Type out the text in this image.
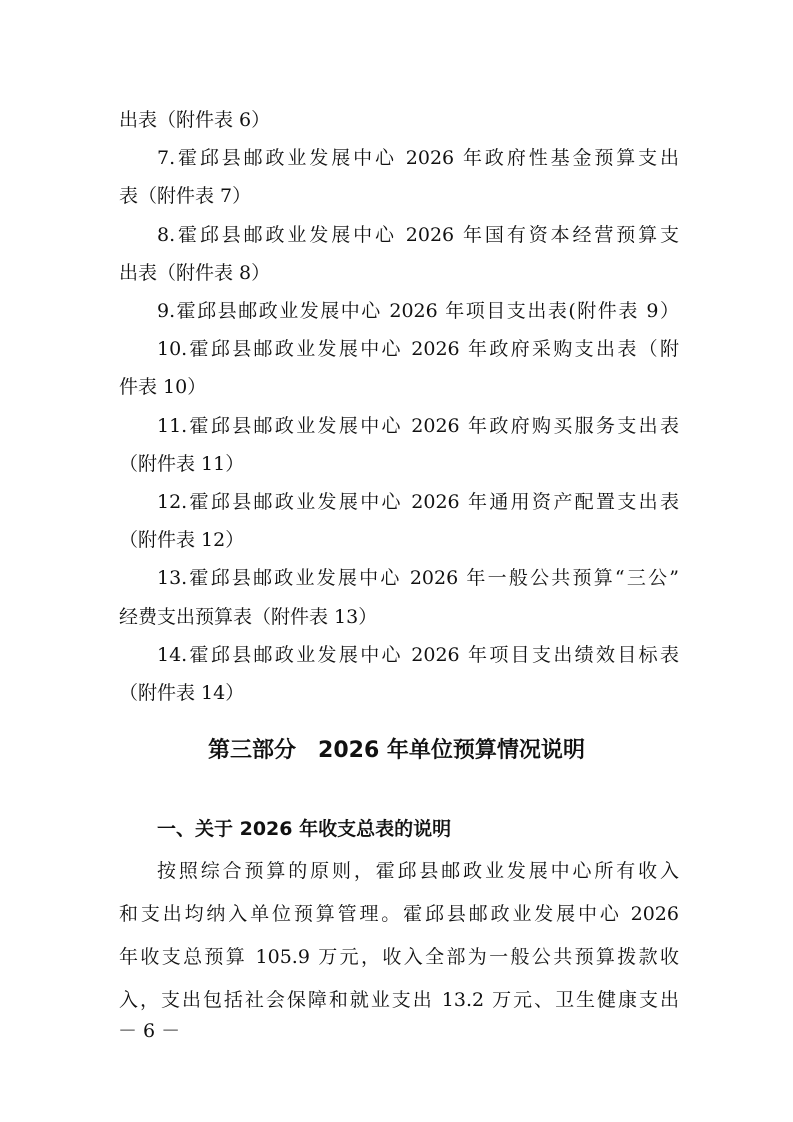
出表（附件表 6）
7.霍邱县邮政业发展中心 2026 年政府性基金预算支出
表（附件表 7）
8.霍邱县邮政业发展中心 2026 年国有资本经营预算支
出表（附件表 8）
9.霍邱县邮政业发展中心 2026 年项目支出表(附件表 9）
10.霍邱县邮政业发展中心 2026 年政府采购支出表（附
件表 10）
11.霍邱县邮政业发展中心 2026 年政府购买服务支出表
（附件表 11）
12.霍邱县邮政业发展中心 2026 年通用资产配置支出表
（附件表 12）
13.霍邱县邮政业发展中心 2026 年一般公共预算“三公”
经费支出预算表（附件表 13）
第三部分　2026 年单位预算情况说明
一、关于 2026 年收支总表的说明
按照综合预算的原则，霍邱县邮政业发展中心所有收入
和支出均纳入单位预算管理。霍邱县邮政业发展中心 2026
年收支总预算 105.9 万元，收入全部为一般公共预算拨款收
入，支出包括社会保障和就业支出 13.2 万元、卫生健康支出
－ 6 －
14.霍邱县邮政业发展中心 2026 年项目支出绩效目标表
（附件表 14）
